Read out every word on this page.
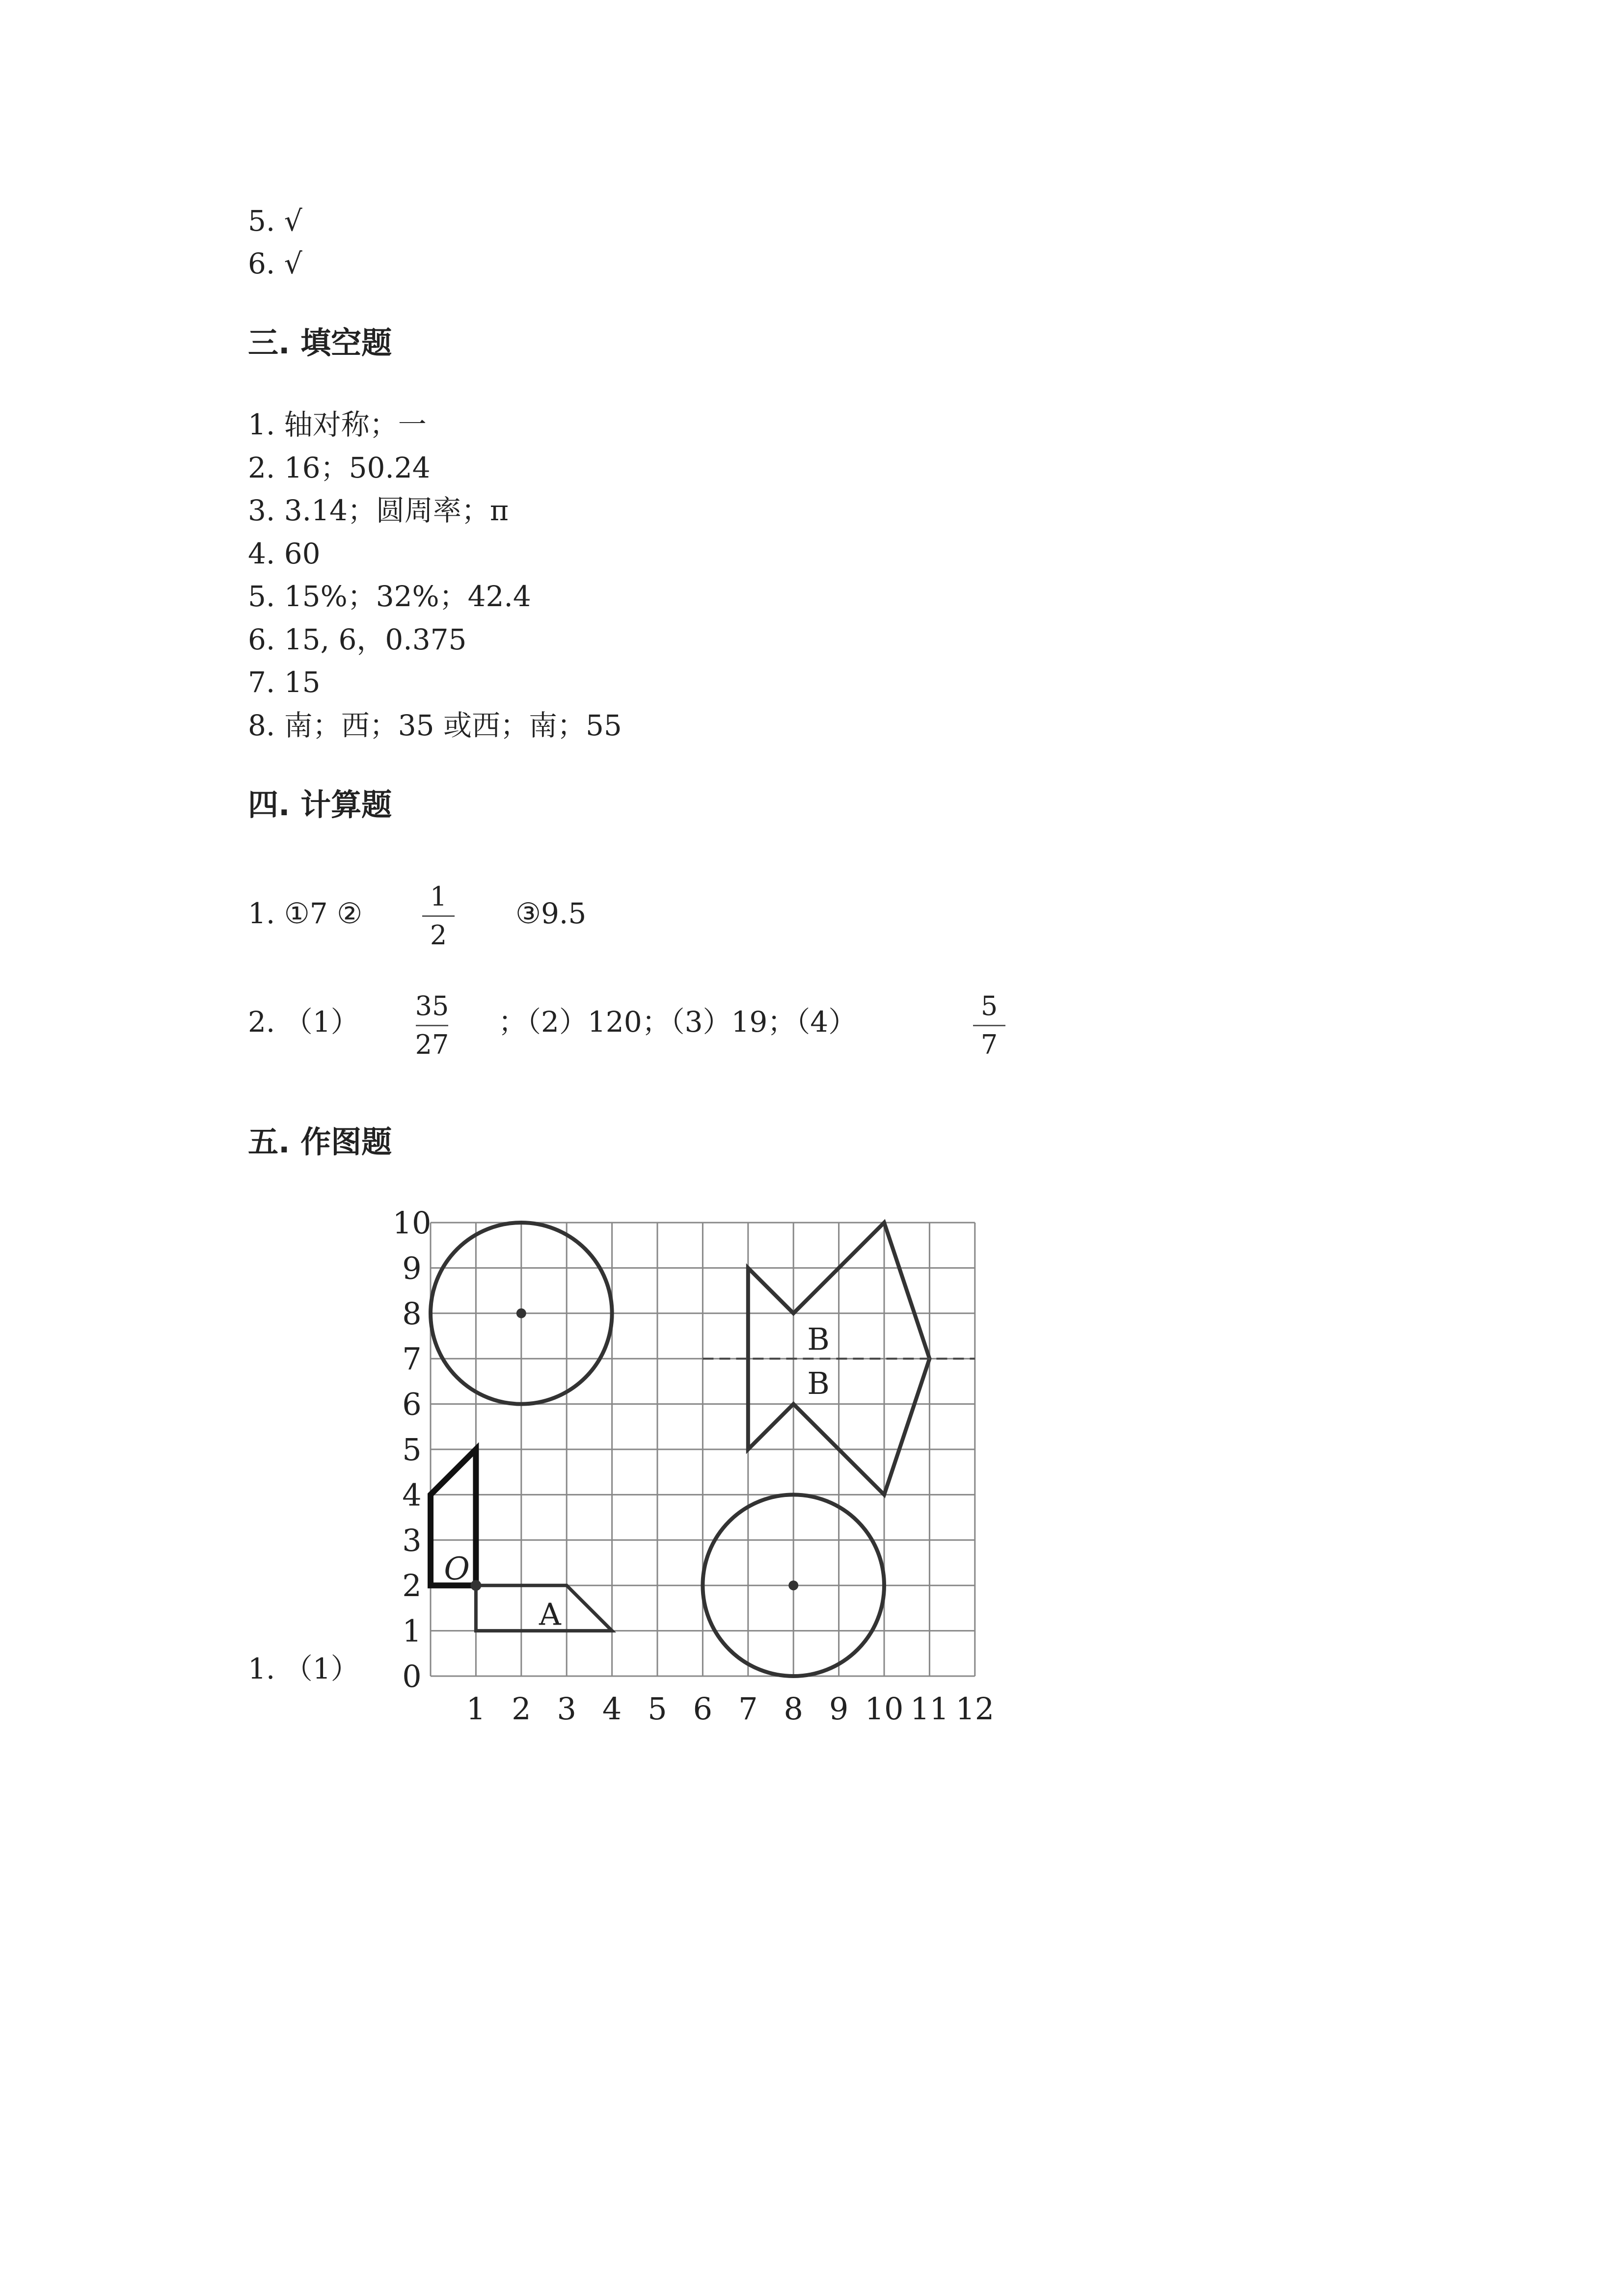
5. √
6. √
三. 填空题
1. 轴对称；一
2. 16；50.24
3. 3.14；圆周率；π
4. 60
5. 15%；32%；42.4
6. 15, 6，0.375
7. 15
8. 南；西；35 或西；南；55
四. 计算题
1. ①7 ②
1
2
③9.5
2. （1） 35
27
；（2）120；（3）19；（4）	5
7
五. 作图题
1. （1） 0
1
2
3
4
5
6
7
8
9
10
1 2 3 4 5 6 7 8 9 10 11 12
O
A
B
B
